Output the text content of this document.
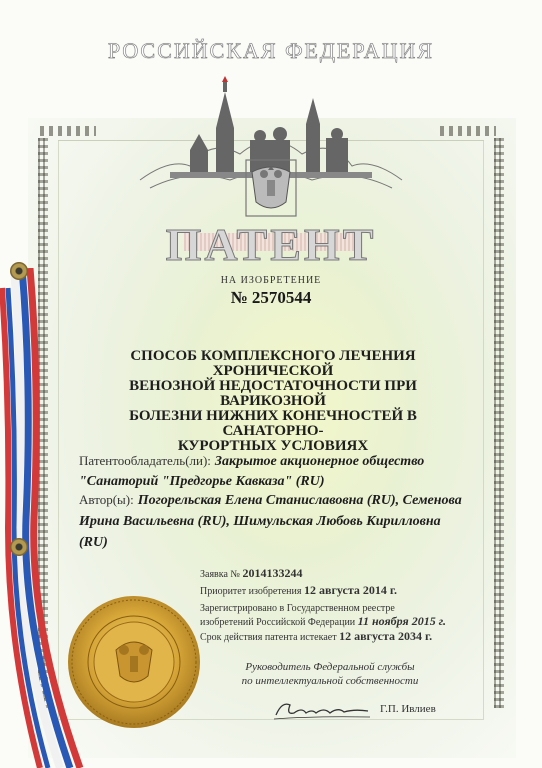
РОССИЙСКАЯ ФЕДЕРАЦИЯ
ПАТЕНТ
НА ИЗОБРЕТЕНИЕ
№ 2570544
СПОСОБ КОМПЛЕКСНОГО ЛЕЧЕНИЯ ХРОНИЧЕСКОЙ
ВЕНОЗНОЙ НЕДОСТАТОЧНОСТИ ПРИ ВАРИКОЗНОЙ
БОЛЕЗНИ НИЖНИХ КОНЕЧНОСТЕЙ В САНАТОРНО-
КУРОРТНЫХ УСЛОВИЯХ
Патентообладатель(ли): Закрытое акционерное общество
"Санаторий "Предгорье Кавказа" (RU)
Автор(ы): Погорельская Елена Станиславовна (RU), Семенова
Ирина Васильевна (RU), Шимульская Любовь Кирилловна
(RU)
Заявка № 2014133244
Приоритет изобретения 12 августа 2014 г.
Зарегистрировано в Государственном реестре
изобретений Российской Федерации 11 ноября 2015 г.
Срок действия патента истекает 12 августа 2034 г.
Руководитель Федеральной службы
по интеллектуальной собственности
Г.П. Ивлиев
